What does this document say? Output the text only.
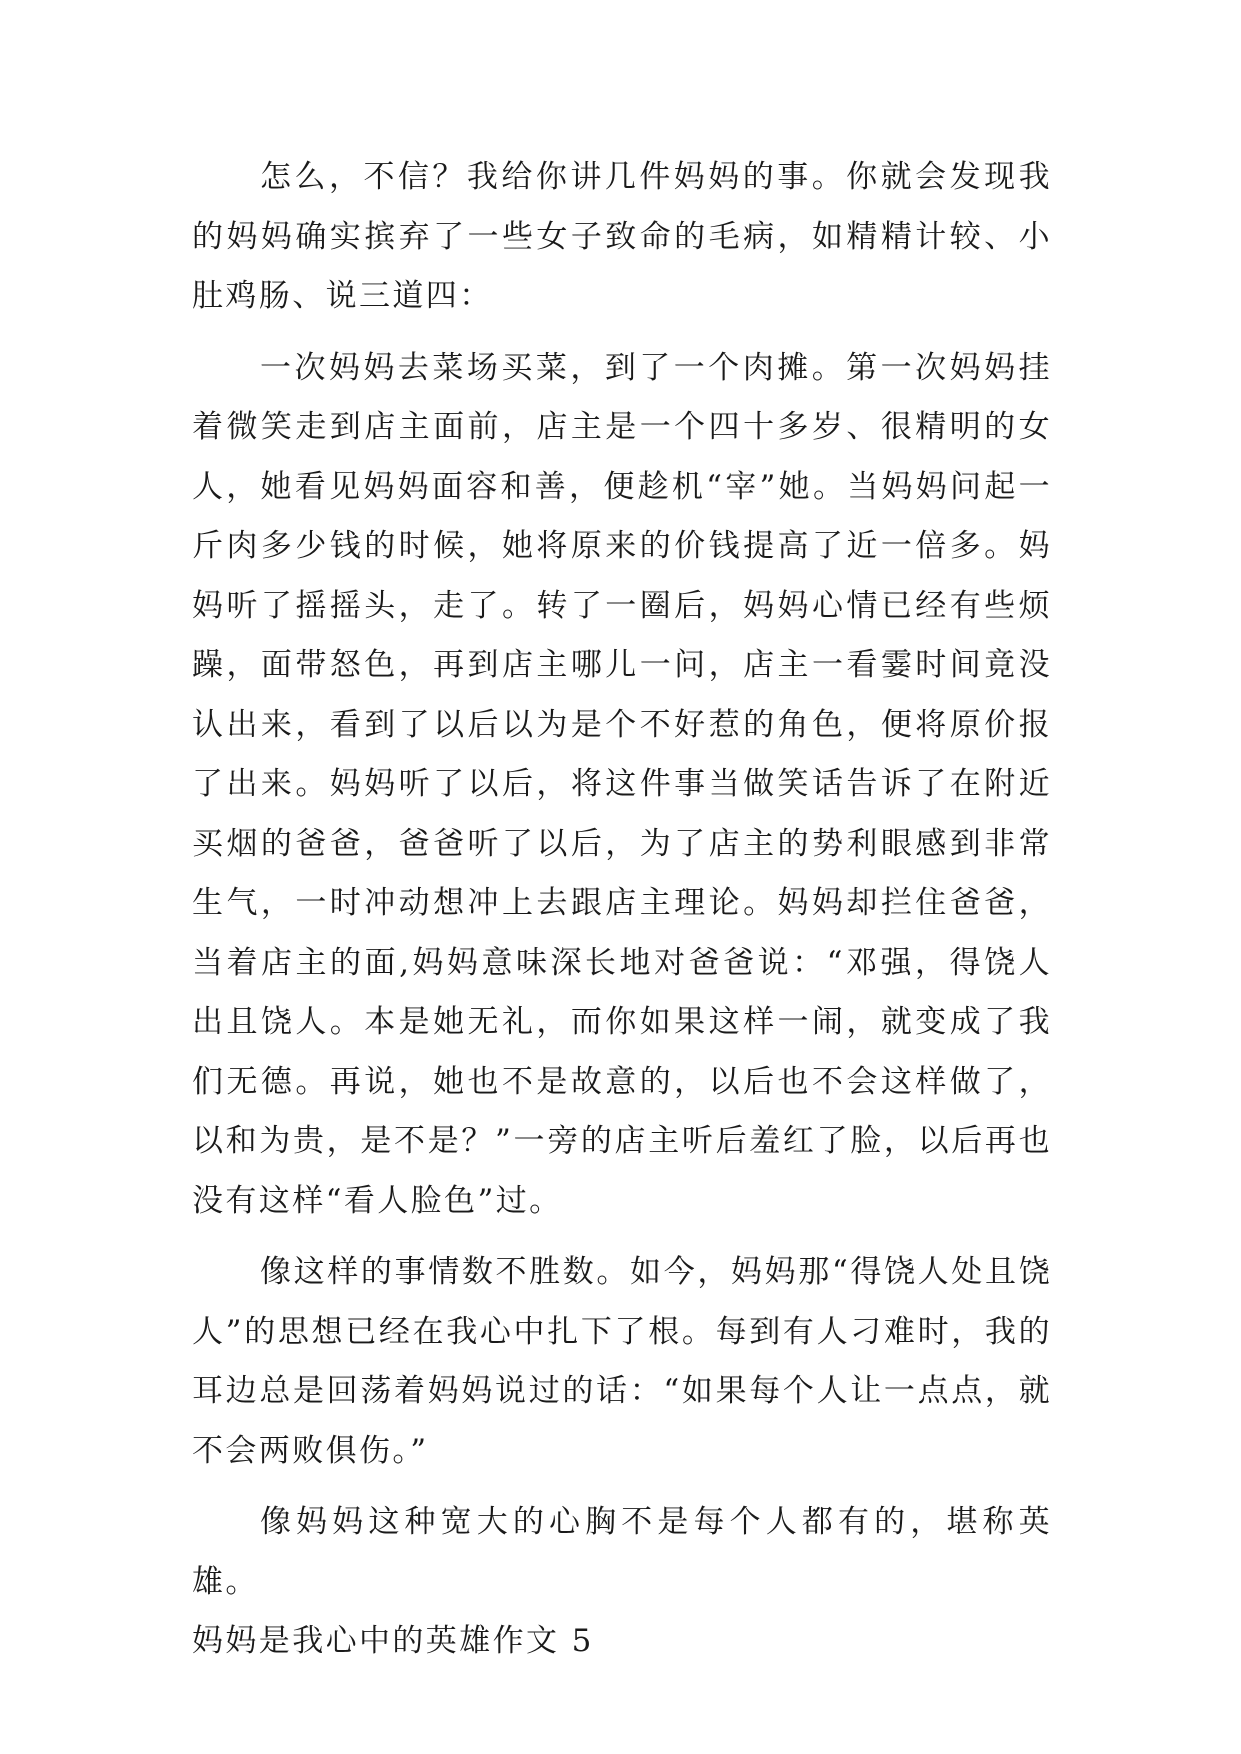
怎么，不信？我给你讲几件妈妈的事。你就会发现我的妈妈确实摈弃了一些女子致命的毛病，如精精计较、小肚鸡肠、说三道四：

一次妈妈去菜场买菜，到了一个肉摊。第一次妈妈挂着微笑走到店主面前，店主是一个四十多岁、很精明的女人，她看见妈妈面容和善，便趁机“宰”她。当妈妈问起一斤肉多少钱的时候，她将原来的价钱提高了近一倍多。妈妈听了摇摇头，走了。转了一圈后，妈妈心情已经有些烦躁，面带怒色，再到店主哪儿一问，店主一看霎时间竟没认出来，看到了以后以为是个不好惹的角色，便将原价报了出来。妈妈听了以后，将这件事当做笑话告诉了在附近买烟的爸爸，爸爸听了以后，为了店主的势利眼感到非常生气，一时冲动想冲上去跟店主理论。妈妈却拦住爸爸，当着店主的面,妈妈意味深长地对爸爸说：“邓强，得饶人出且饶人。本是她无礼，而你如果这样一闹，就变成了我们无德。再说，她也不是故意的，以后也不会这样做了，以和为贵，是不是？”一旁的店主听后羞红了脸，以后再也没有这样“看人脸色”过。

像这样的事情数不胜数。如今，妈妈那“得饶人处且饶人”的思想已经在我心中扎下了根。每到有人刁难时，我的耳边总是回荡着妈妈说过的话：“如果每个人让一点点，就不会两败俱伤。”

像妈妈这种宽大的心胸不是每个人都有的，堪称英雄。

妈妈是我心中的英雄作文 5
